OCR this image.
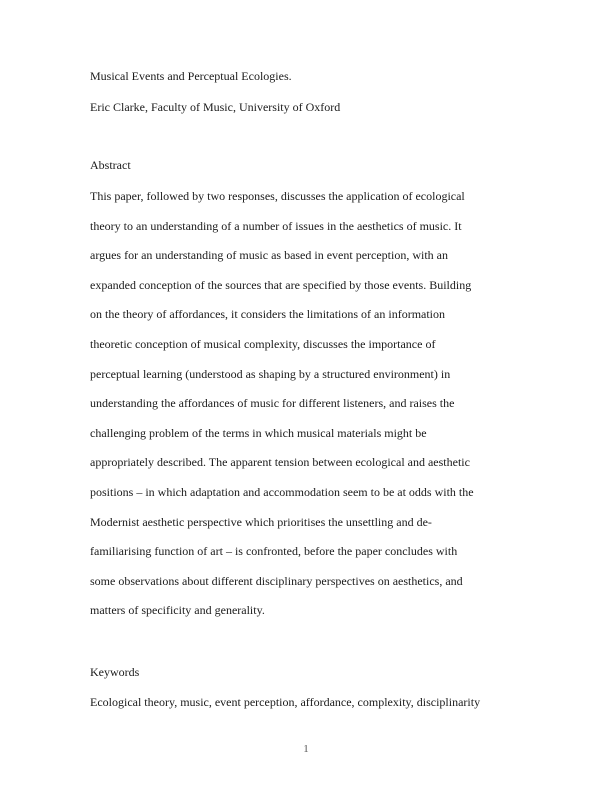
Musical Events and Perceptual Ecologies.
Eric Clarke, Faculty of Music, University of Oxford
Abstract
This paper, followed by two responses, discusses the application of ecological
theory to an understanding of a number of issues in the aesthetics of music. It
argues for an understanding of music as based in event perception, with an
expanded conception of the sources that are specified by those events. Building
on the theory of affordances, it considers the limitations of an information
theoretic conception of musical complexity, discusses the importance of
perceptual learning (understood as shaping by a structured environment) in
understanding the affordances of music for different listeners, and raises the
challenging problem of the terms in which musical materials might be
appropriately described. The apparent tension between ecological and aesthetic
positions – in which adaptation and accommodation seem to be at odds with the
Modernist aesthetic perspective which prioritises the unsettling and de-
familiarising function of art – is confronted, before the paper concludes with
some observations about different disciplinary perspectives on aesthetics, and
matters of specificity and generality.
Keywords
Ecological theory, music, event perception, affordance, complexity, disciplinarity
1
